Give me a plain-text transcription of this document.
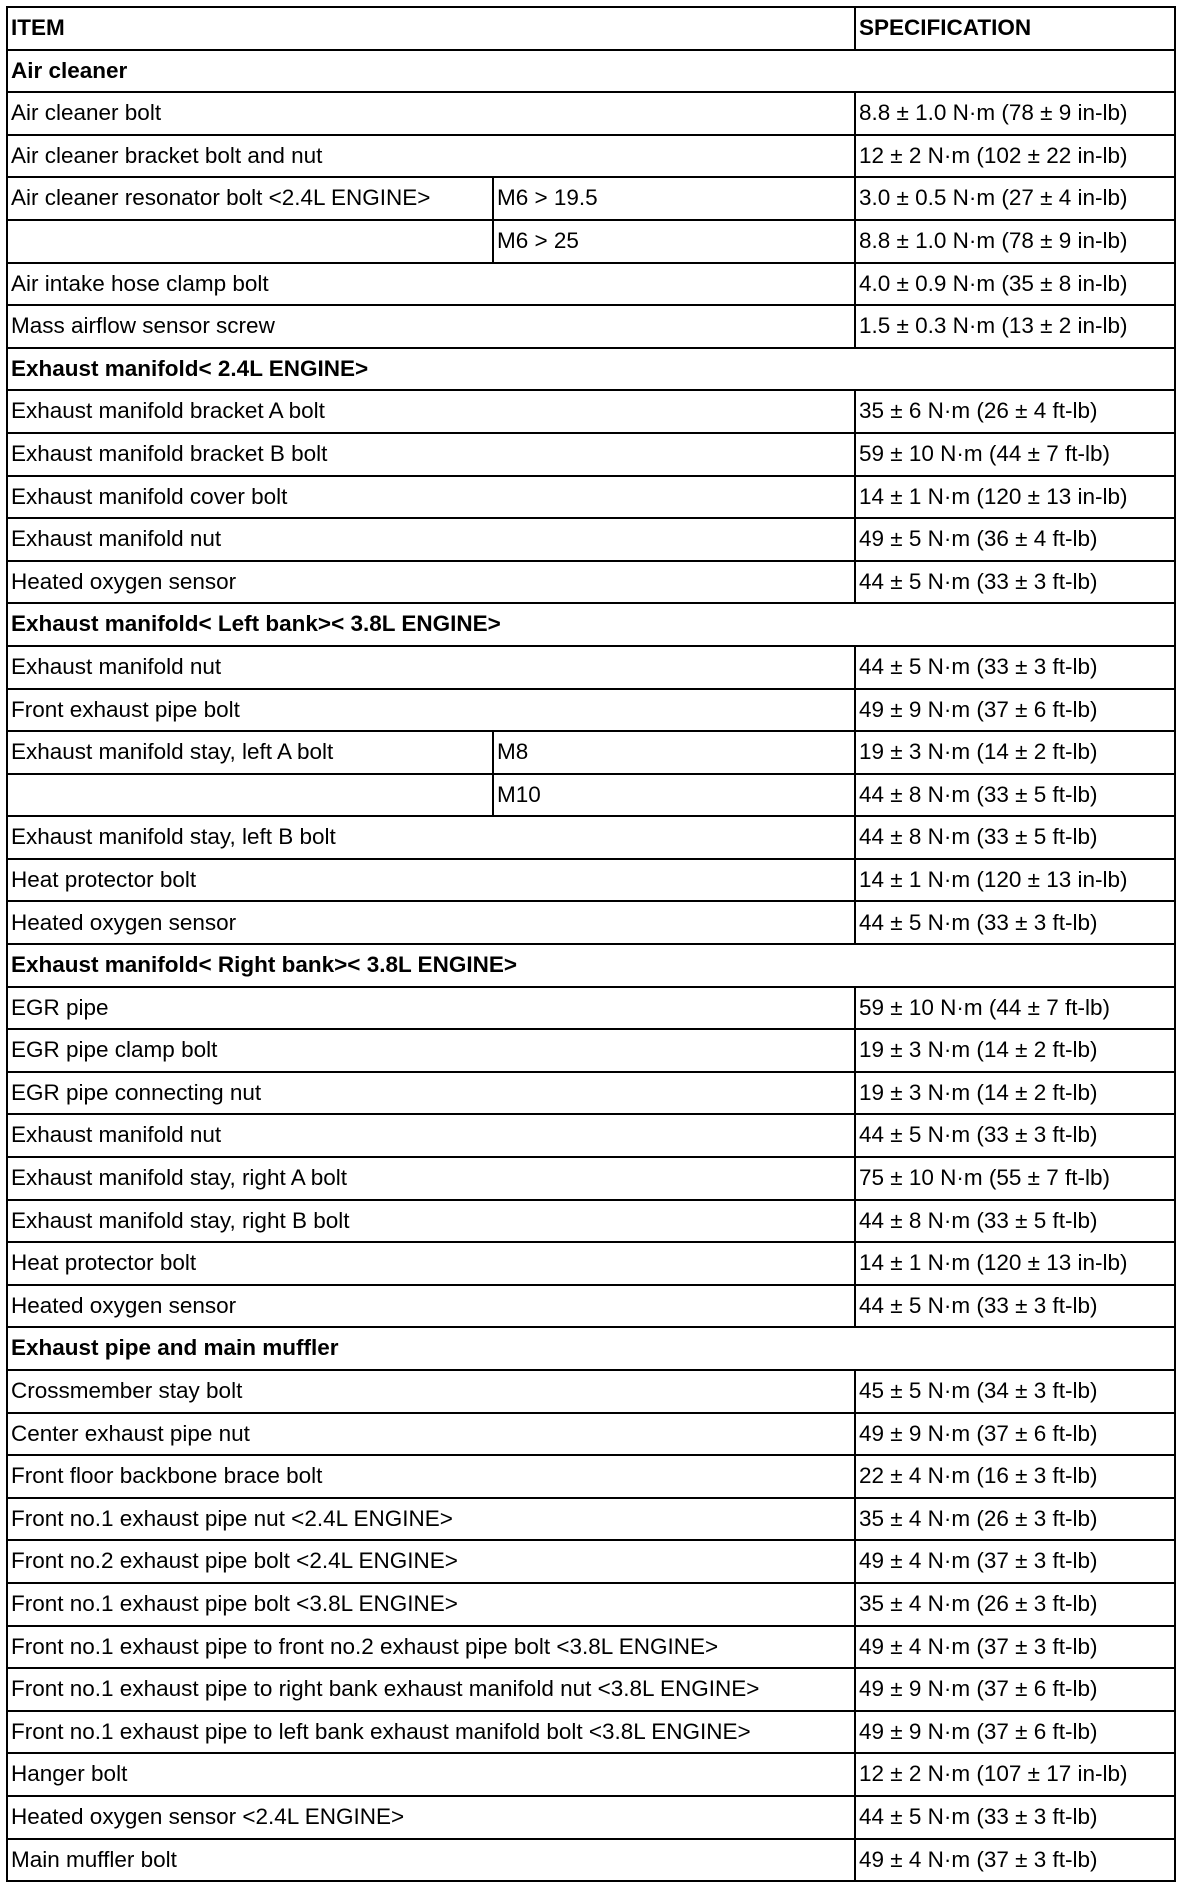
ITEM		SPECIFICATION
Air cleaner		
Air cleaner bolt		8.8 ± 1.0 N·m (78 ± 9 in-lb)
Air cleaner bracket bolt and nut		12 ± 2 N·m (102 ± 22 in-lb)
Air cleaner resonator bolt <2.4L ENGINE>	M6 > 19.5	3.0 ± 0.5 N·m (27 ± 4 in-lb)
	M6 > 25	8.8 ± 1.0 N·m (78 ± 9 in-lb)
Air intake hose clamp bolt		4.0 ± 0.9 N·m (35 ± 8 in-lb)
Mass airflow sensor screw		1.5 ± 0.3 N·m (13 ± 2 in-lb)
Exhaust manifold< 2.4L ENGINE>		
Exhaust manifold bracket A bolt		35 ± 6 N·m (26 ± 4 ft-lb)
Exhaust manifold bracket B bolt		59 ± 10 N·m (44 ± 7 ft-lb)
Exhaust manifold cover bolt		14 ± 1 N·m (120 ± 13 in-lb)
Exhaust manifold nut		49 ± 5 N·m (36 ± 4 ft-lb)
Heated oxygen sensor		44 ± 5 N·m (33 ± 3 ft-lb)
Exhaust manifold< Left bank>< 3.8L ENGINE>		
Exhaust manifold nut		44 ± 5 N·m (33 ± 3 ft-lb)
Front exhaust pipe bolt		49 ± 9 N·m (37 ± 6 ft-lb)
Exhaust manifold stay, left A bolt	M8	19 ± 3 N·m (14 ± 2 ft-lb)
	M10	44 ± 8 N·m (33 ± 5 ft-lb)
Exhaust manifold stay, left B bolt		44 ± 8 N·m (33 ± 5 ft-lb)
Heat protector bolt		14 ± 1 N·m (120 ± 13 in-lb)
Heated oxygen sensor		44 ± 5 N·m (33 ± 3 ft-lb)
Exhaust manifold< Right bank>< 3.8L ENGINE>		
EGR pipe		59 ± 10 N·m (44 ± 7 ft-lb)
EGR pipe clamp bolt		19 ± 3 N·m (14 ± 2 ft-lb)
EGR pipe connecting nut		19 ± 3 N·m (14 ± 2 ft-lb)
Exhaust manifold nut		44 ± 5 N·m (33 ± 3 ft-lb)
Exhaust manifold stay, right A bolt		75 ± 10 N·m (55 ± 7 ft-lb)
Exhaust manifold stay, right B bolt		44 ± 8 N·m (33 ± 5 ft-lb)
Heat protector bolt		14 ± 1 N·m (120 ± 13 in-lb)
Heated oxygen sensor		44 ± 5 N·m (33 ± 3 ft-lb)
Exhaust pipe and main muffler		
Crossmember stay bolt		45 ± 5 N·m (34 ± 3 ft-lb)
Center exhaust pipe nut		49 ± 9 N·m (37 ± 6 ft-lb)
Front floor backbone brace bolt		22 ± 4 N·m (16 ± 3 ft-lb)
Front no.1 exhaust pipe nut <2.4L ENGINE>		35 ± 4 N·m (26 ± 3 ft-lb)
Front no.2 exhaust pipe bolt <2.4L ENGINE>		49 ± 4 N·m (37 ± 3 ft-lb)
Front no.1 exhaust pipe bolt <3.8L ENGINE>		35 ± 4 N·m (26 ± 3 ft-lb)
Front no.1 exhaust pipe to front no.2 exhaust pipe bolt <3.8L ENGINE>		49 ± 4 N·m (37 ± 3 ft-lb)
Front no.1 exhaust pipe to right bank exhaust manifold nut <3.8L ENGINE>		49 ± 9 N·m (37 ± 6 ft-lb)
Front no.1 exhaust pipe to left bank exhaust manifold bolt <3.8L ENGINE>		49 ± 9 N·m (37 ± 6 ft-lb)
Hanger bolt		12 ± 2 N·m (107 ± 17 in-lb)
Heated oxygen sensor <2.4L ENGINE>		44 ± 5 N·m (33 ± 3 ft-lb)
Main muffler bolt		49 ± 4 N·m (37 ± 3 ft-lb)
